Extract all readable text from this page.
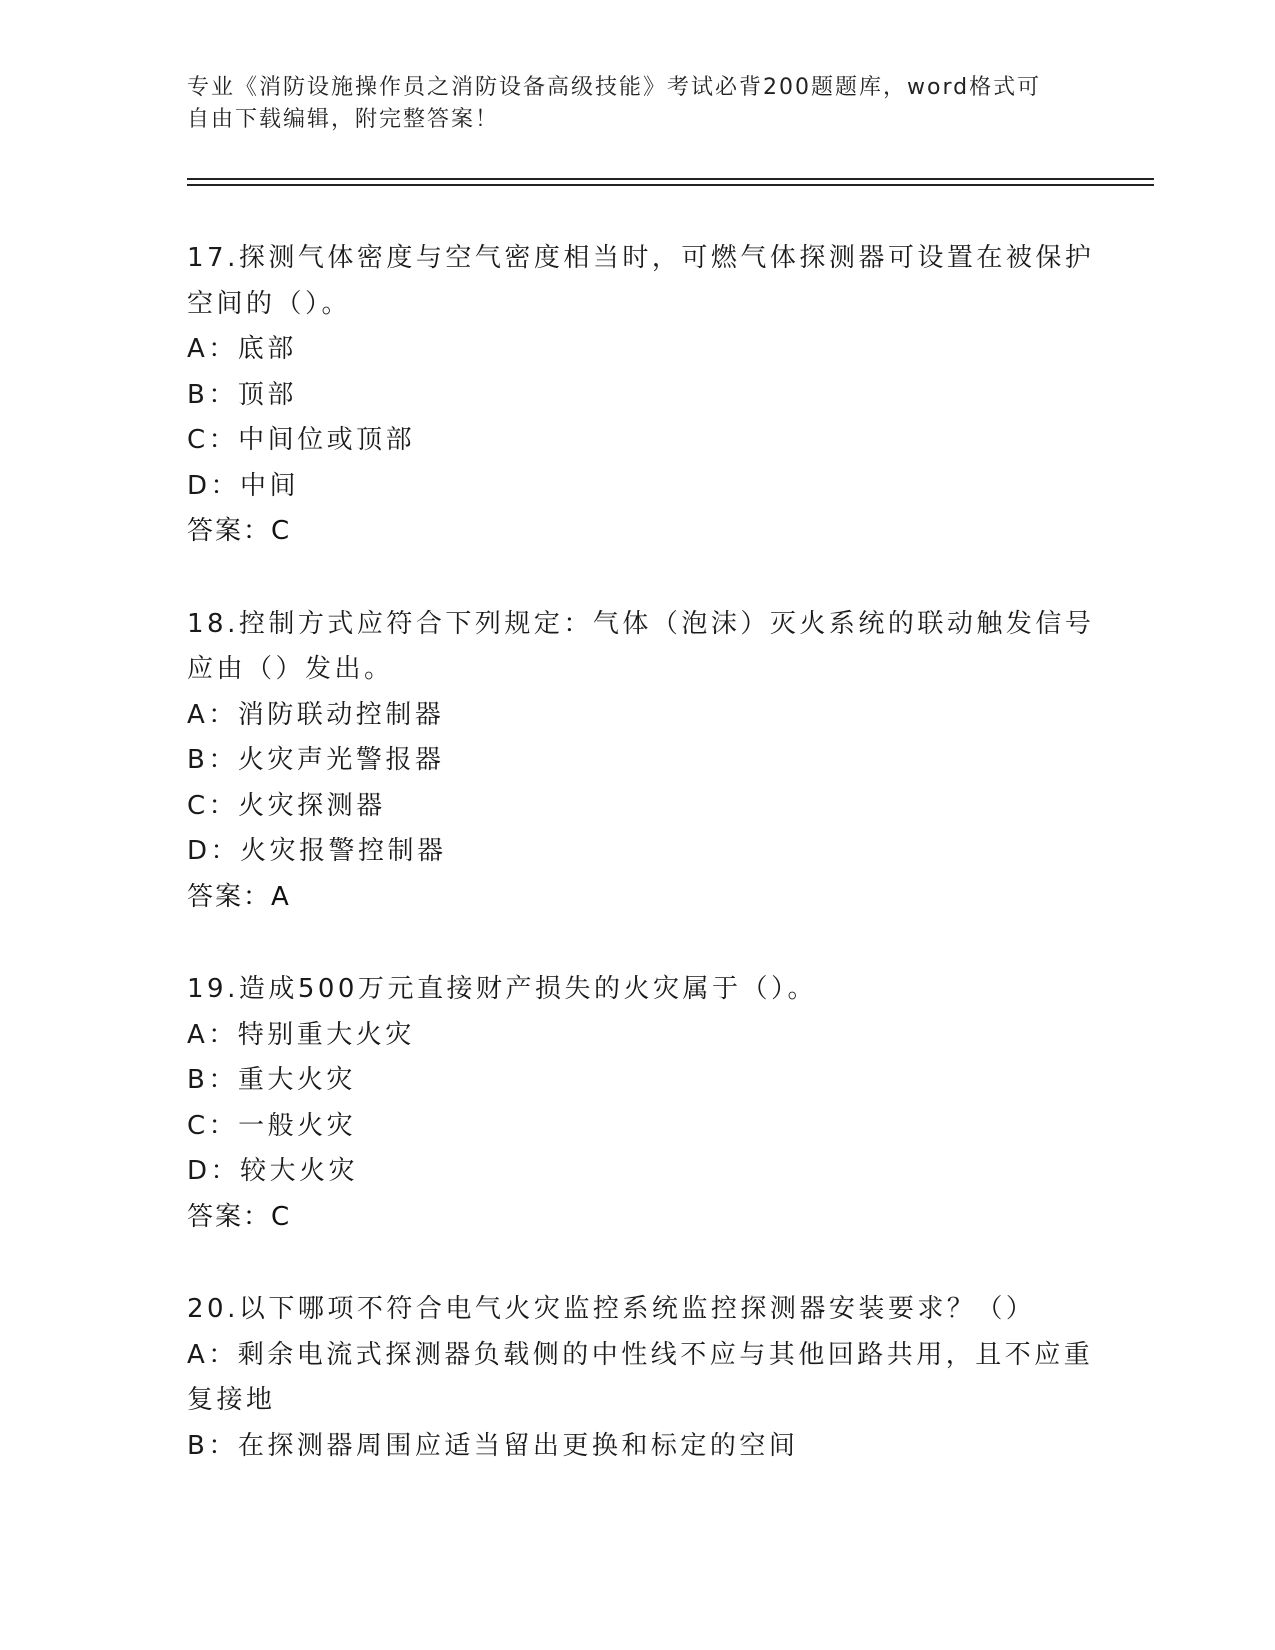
专业《消防设施操作员之消防设备高级技能》考试必背200题题库，word格式可
自由下载编辑，附完整答案！
17.探测气体密度与空气密度相当时，可燃气体探测器可设置在被保护
空间的（）。
A：底部
B：顶部
C：中间位或顶部
D：中间
答案：C
18.控制方式应符合下列规定：气体（泡沫）灭火系统的联动触发信号
应由（）发出。
A：消防联动控制器
B：火灾声光警报器
C：火灾探测器
D：火灾报警控制器
答案：A
19.造成500万元直接财产损失的火灾属于（）。
A：特别重大火灾
B：重大火灾
C：一般火灾
D：较大火灾
答案：C
20.以下哪项不符合电气火灾监控系统监控探测器安装要求？（）
A：剩余电流式探测器负载侧的中性线不应与其他回路共用，且不应重
复接地
B：在探测器周围应适当留出更换和标定的空间
